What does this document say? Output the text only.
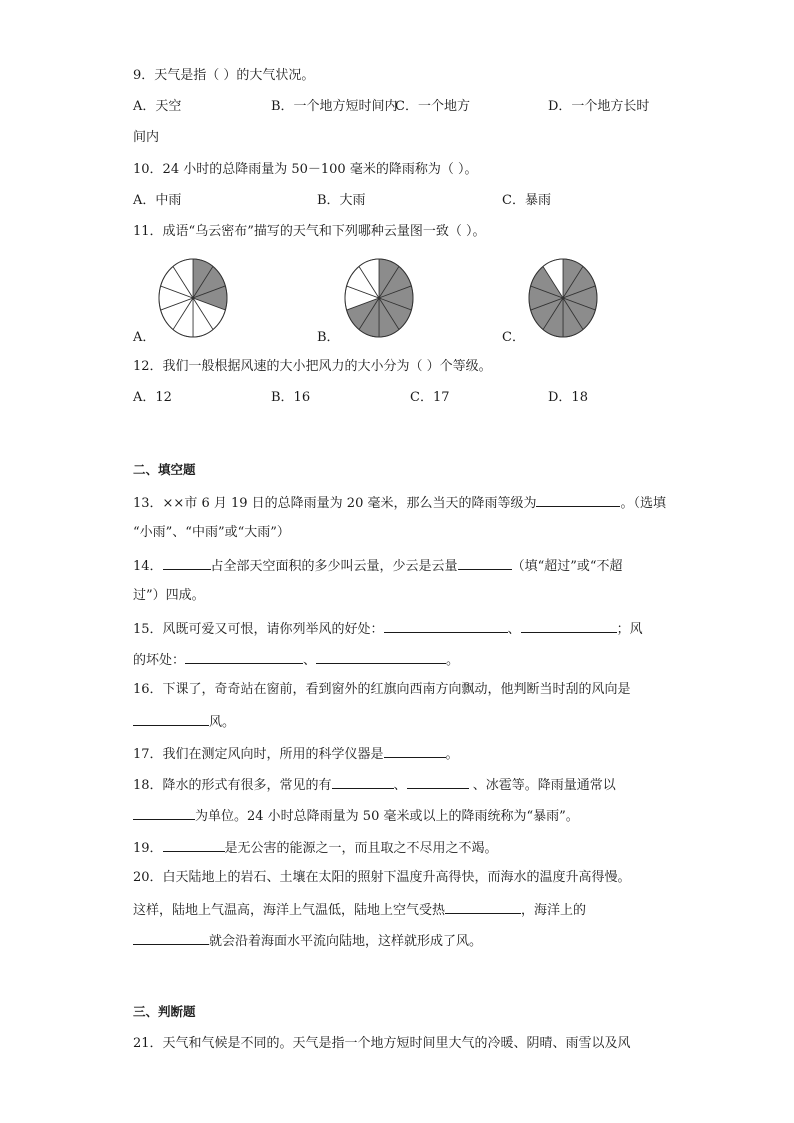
9．天气是指（ ）的大气状况。
A．天空	B．一个地方短时间内
C．一个地方	D．一个地方长时
间内
10．24 小时的总降雨量为 50－100 毫米的降雨称为（ ）。
A．中雨	B．大雨	C．暴雨
11．成语“乌云密布”描写的天气和下列哪种云量图一致（ ）。
A．	B．	C．
12．我们一般根据风速的大小把风力的大小分为（ ）个等级。
A．12	B．16	C．17	D．18
二、填空题
13．××市 6 月 19 日的总降雨量为 20 毫米，那么当天的降雨等级为	。（选填
“小雨”、“中雨”或“大雨”）
14．	占全部天空面积的多少叫云量，少云是云量	（填“超过”或“不超
过”）四成。
15．风既可爱又可恨，请你列举风的好处：	、	；风
的坏处：	、	。
16．下课了，奇奇站在窗前，看到窗外的红旗向西南方向飘动，他判断当时刮的风向是
风。
17．我们在测定风向时，所用的科学仪器是	。
18．降水的形式有很多，常见的有	、	、冰雹等。降雨量通常以
为单位。24 小时总降雨量为 50 毫米或以上的降雨统称为“暴雨”。
19．	是无公害的能源之一，而且取之不尽用之不竭。
20．白天陆地上的岩石、土壤在太阳的照射下温度升高得快，而海水的温度升高得慢。
这样，陆地上气温高，海洋上气温低，陆地上空气受热	，海洋上的
就会沿着海面水平流向陆地，这样就形成了风。
三、判断题
21．天气和气候是不同的。天气是指一个地方短时间里大气的冷暖、阴晴、雨雪以及风
